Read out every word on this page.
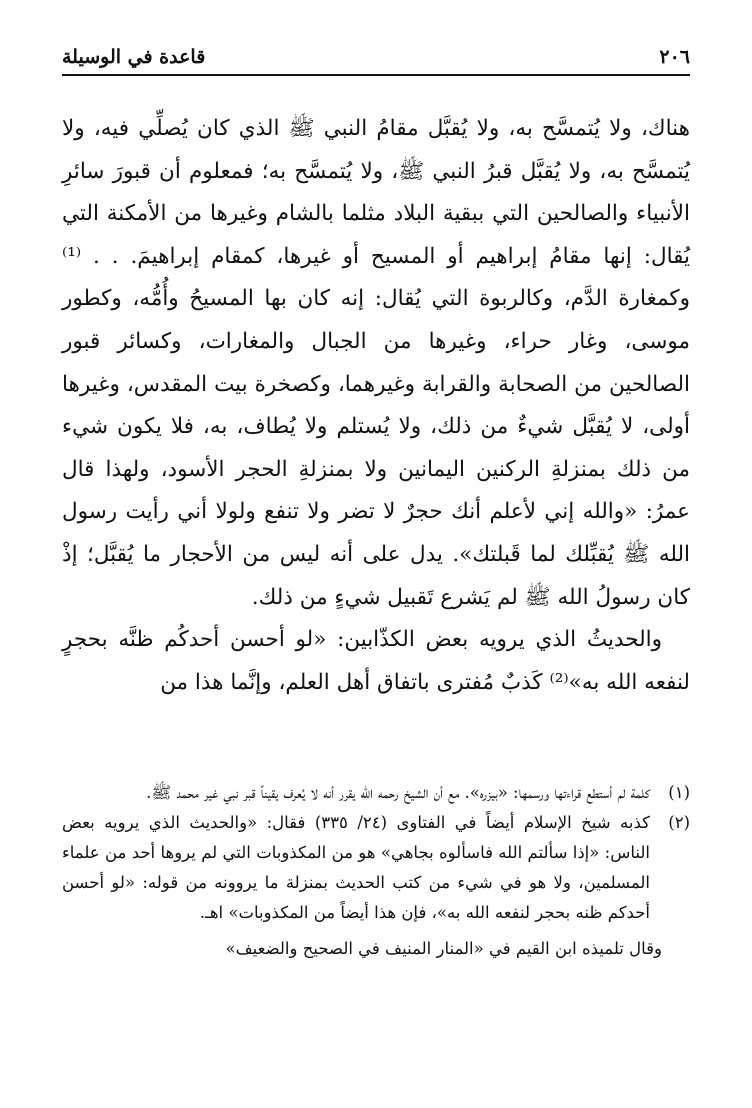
٢٠٦
قاعدة في الوسيلة

هناك، ولا يُتمسَّح به، ولا يُقبَّل مقامُ النبي ﷺ الذي كان يُصلِّي فيه، ولا يُتمسَّح به، ولا يُقبَّل قبرُ النبي ﷺ، ولا يُتمسَّح به؛ فمعلوم أن قبورَ سائرِ الأنبياء والصالحين التي ببقية البلاد مثلما بالشام وغيرها من الأمكنة التي يُقال: إنها مقامُ إبراهيم أو المسيح أو غيرها، كمقام إبراهيمَ. . . ⁽¹⁾ وكمغارة الدَّم، وكالربوة التي يُقال: إنه كان بها المسيحُ وأُمُّه، وكطور موسى، وغار حراء، وغيرها من الجبال والمغارات، وكسائر قبور الصالحين من الصحابة والقرابة وغيرهما، وكصخرة بيت المقدس، وغيرها أولى، لا يُقبَّل شيءٌ من ذلك، ولا يُستلم ولا يُطاف، به، فلا يكون شيء من ذلك بمنزلةِ الركنين اليمانين ولا بمنزلةِ الحجر الأسود، ولهذا قال عمرُ: «والله إني لأعلم أنك حجرٌ لا تضر ولا تنفع ولولا أني رأيت رسول الله ﷺ يُقبِّلك لما قَبلتك». يدل على أنه ليس من الأحجار ما يُقبَّل؛ إذْ كان رسولُ الله ﷺ لم يَشرع تَقبيل شيءٍ من ذلك.

والحديثُ الذي يرويه بعض الكذّابين: «لو أحسن أحدكُم ظنَّه بحجرٍ لنفعه الله به»⁽²⁾ كَذبٌ مُفترى باتفاق أهل العلم، وإنَّما هذا من

(١)

كلمة لم أستطع قراءتها ورسمها: «بيزره». مع أن الشيخ رحمه الله يقرر أنه لا يُعرف يقيناً قبر نبي غير محمد ﷺ.

(٢)

كذبه شيخ الإسلام أيضاً في الفتاوى (٢٤/ ٣٣٥) فقال: «والحديث الذي يرويه بعض الناس: «إذا سألتم الله فاسألوه بجاهي» هو من المكذوبات التي لم يروها أحد من علماء المسلمين، ولا هو في شيء من كتب الحديث بمنزلة ما يروونه من قوله: «لو أحسن أحدكم ظنه بحجر لنفعه الله به»، فإن هذا أيضاً من المكذوبات» اهـ.

وقال تلميذه ابن القيم في «المنار المنيف في الصحيح والضعيف»
